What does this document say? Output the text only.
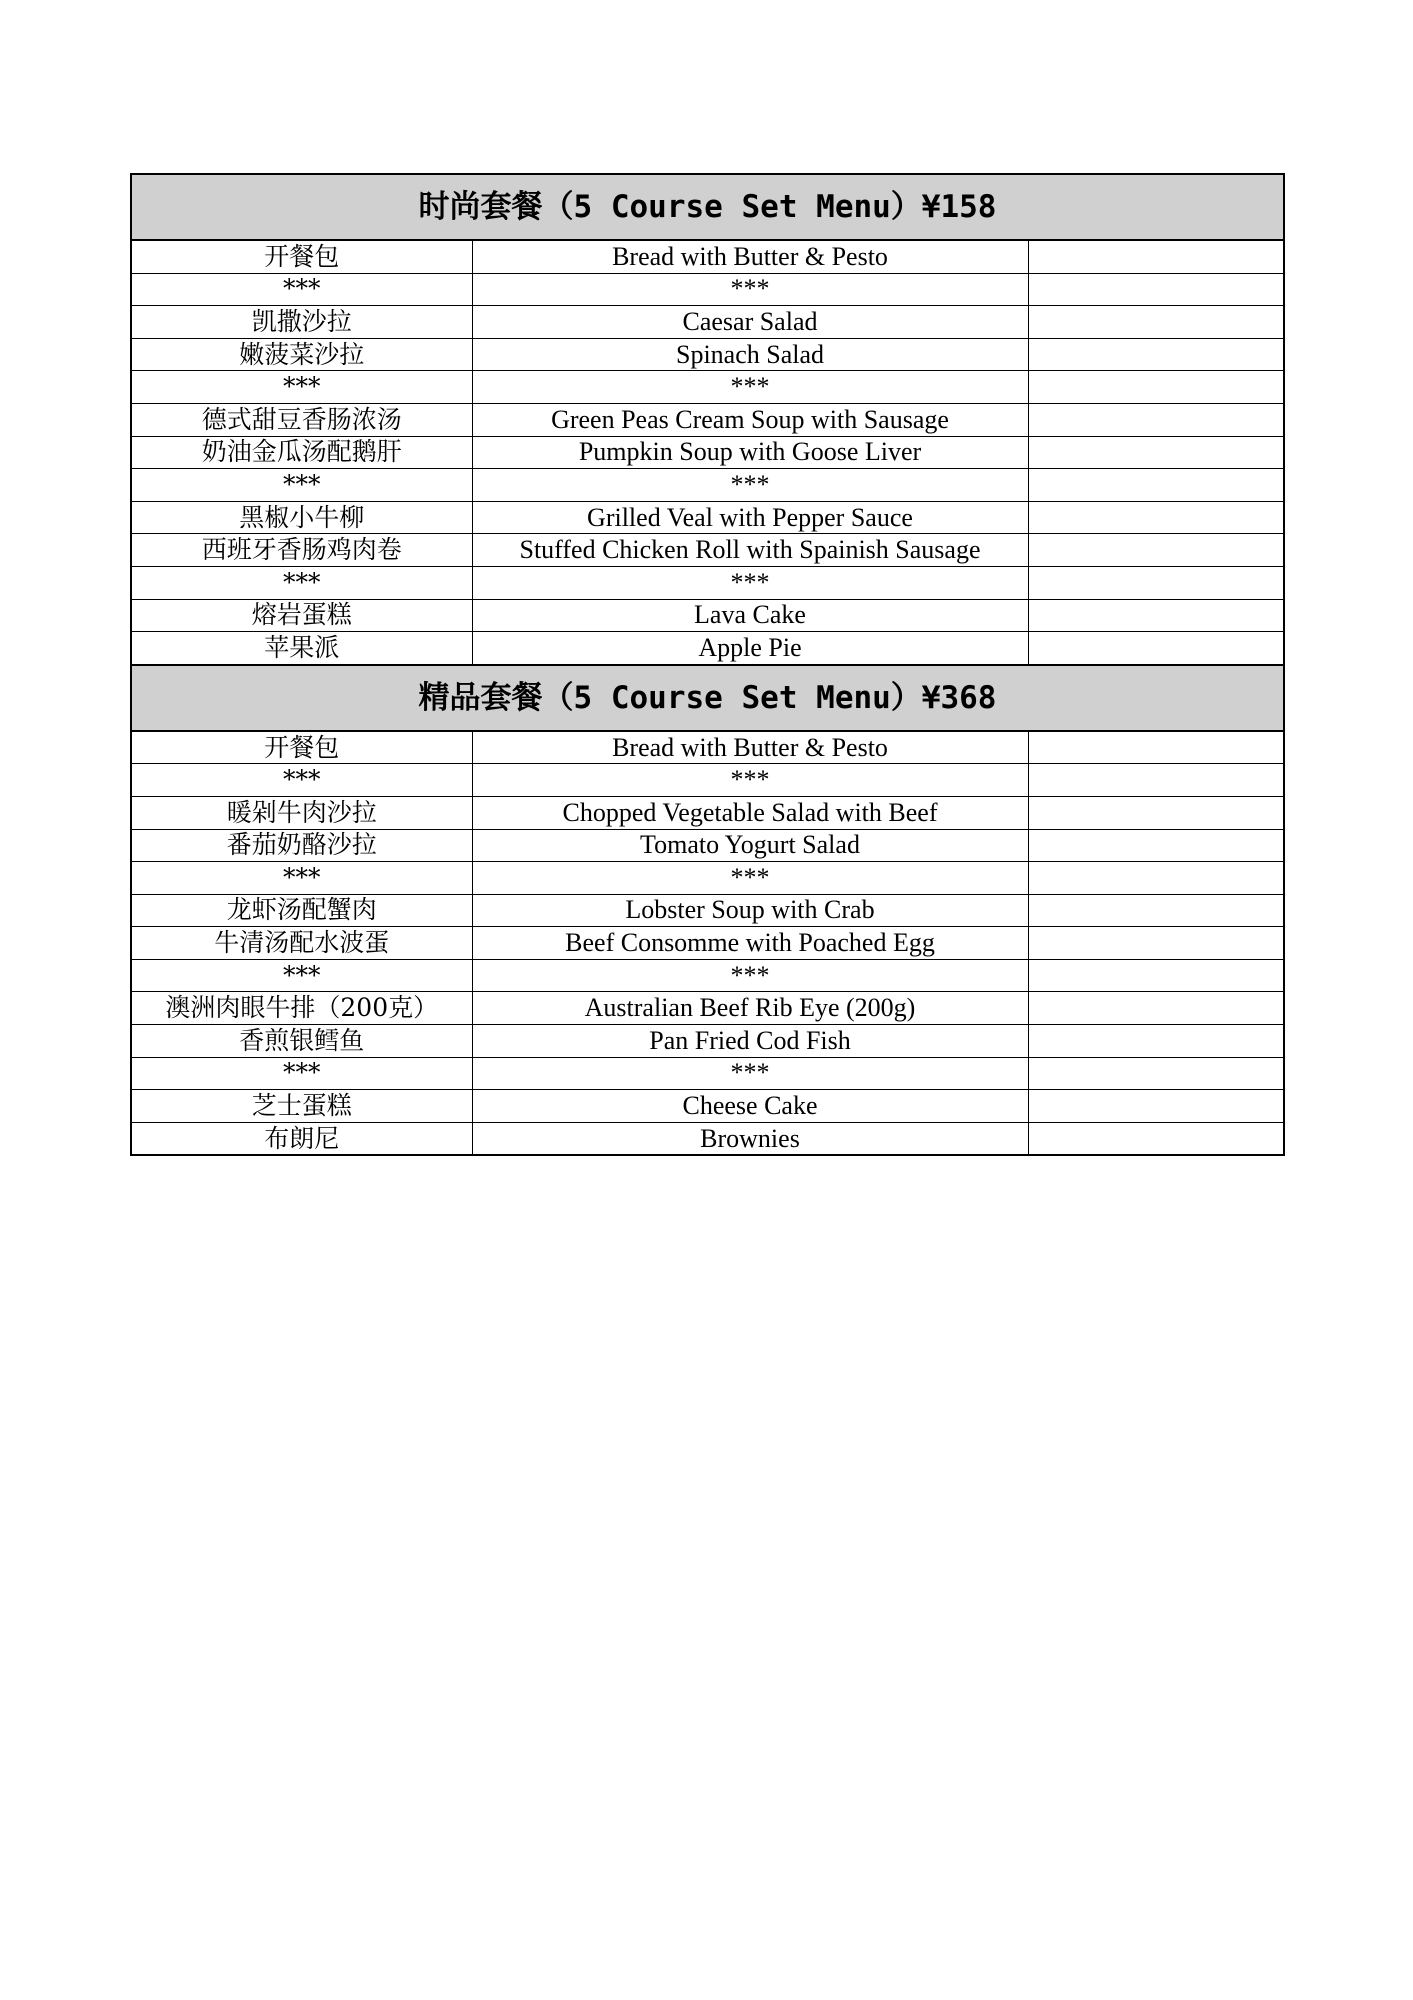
时尚套餐（5 Course Set Menu）¥158		
开餐包	Bread with Butter & Pesto	
***	***	
凯撒沙拉	Caesar Salad	
嫩菠菜沙拉	Spinach Salad	
***	***	
德式甜豆香肠浓汤	Green Peas Cream Soup with Sausage	
奶油金瓜汤配鹅肝	Pumpkin Soup with Goose Liver	
***	***	
黑椒小牛柳	Grilled Veal with Pepper Sauce	
西班牙香肠鸡肉卷	Stuffed Chicken Roll with Spainish Sausage	
***	***	
熔岩蛋糕	Lava Cake	
苹果派	Apple Pie	
精品套餐（5 Course Set Menu）¥368		
开餐包	Bread with Butter & Pesto	
***	***	
暖剁牛肉沙拉	Chopped Vegetable Salad with Beef	
番茄奶酪沙拉	Tomato Yogurt Salad	
***	***	
龙虾汤配蟹肉	Lobster Soup with Crab	
牛清汤配水波蛋	Beef Consomme with Poached Egg	
***	***	
澳洲肉眼牛排（200克）	Australian Beef Rib Eye (200g)	
香煎银鳕鱼	Pan Fried Cod Fish	
***	***	
芝士蛋糕	Cheese Cake	
布朗尼	Brownies	
